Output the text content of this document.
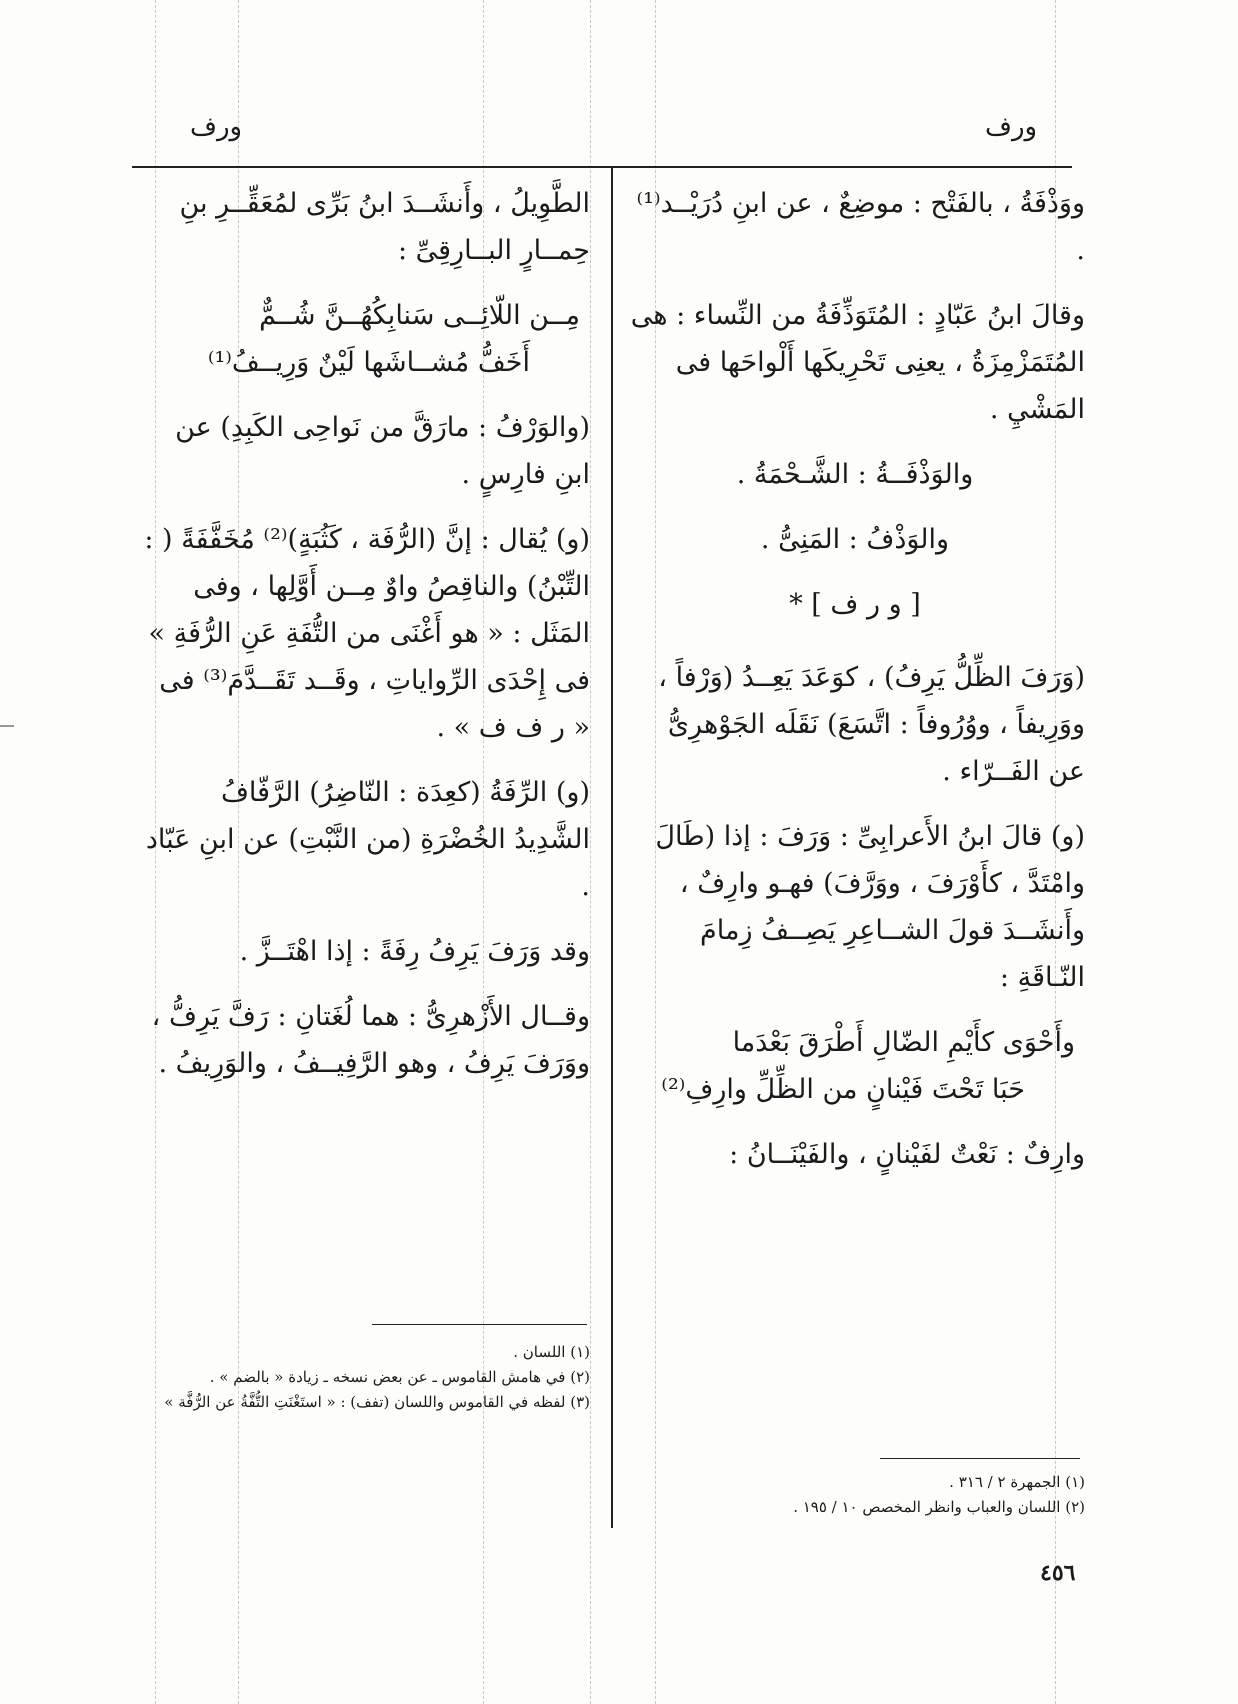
ورف
ورف

ووَذْفَةُ ، بالفَتْح : موضِعٌ ، عن ابنِ دُرَيْــد⁽¹⁾ .

وقالَ ابنُ عَبّادٍ : المُتَوَذِّفَةُ من النِّساء : هى المُتَمَزْمِزَةُ ، يعنِى تَحْرِيكَها أَلْواحَها فى المَشْيِ .

والوَذْفَــةُ : الشَّـحْمَةُ .

والوَذْفُ : المَنِىُّ .

[ و ر ف ] *

(وَرَفَ الظِّلُّ يَرِفُ) ، كوَعَدَ يَعِــدُ (وَرْفاً ، ووَرِيفاً ، ووُرُوفاً : اتَّسَعَ) نَقَلَه الجَوْهرِىُّ عن الفَــرّاء .

(و) قالَ ابنُ الأَعرابِىِّ : وَرَفَ : إذا (طَالَ وامْتَدَّ ، كأَوْرَفَ ، ووَرَّفَ) فهـو وارِفٌ ، وأَنشَــدَ قولَ الشــاعِرِ يَصِــفُ زِمامَ النّـاقَةِ :

وأَحْوَى كأَيْمِ الضّالِ أَطْرَقَ بَعْدَما
حَبَا تَحْتَ فَيْنانٍ من الظِّلِّ وارِفِ⁽²⁾

وارِفٌ : نَعْتٌ لفَيْنانٍ ، والفَيْنَــانُ :

الطَّوِيلُ ، وأَنشَــدَ ابنُ بَرِّى لمُعَقِّــرِ بنِ حِمــارٍ البــارِقِىِّ :

مِــن اللّائِــى سَنابِكُهُــنَّ شُــمٌّ
أَخَفُّ مُشــاشَها لَيْنٌ وَرِيــفُ⁽¹⁾

(والوَرْفُ : مارَقَّ من نَواحِى الكَبِدِ) عن ابنِ فارِسٍ .

(و) يُقال : إنَّ (الرُّفَة ، كَثُبَةٍ)⁽²⁾ مُخَفَّفَةً ( : التِّبْنُ) والناقِصُ واوٌ مِــن أَوَّلِها ، وفى المَثَل : « هو أَغْنَى من التُّفَةِ عَنِ الرُّفَةِ » فى إِحْدَى الرِّواياتِ ، وقَــد تَقَــدَّمَ⁽³⁾ فى « ر ف ف » .

(و) الرِّفَةُ (كعِدَة : النّاضِرُ) الرَّفّافُ الشَّدِيدُ الخُضْرَةِ (من النَّبْتِ) عن ابنِ عَبّاد .

وقد وَرَفَ يَرِفُ رِفَةً : إذا اهْتَــزَّ .

وقــال الأَزْهرِىُّ : هما لُغَتانِ : رَفَّ يَرِفُّ ، ووَرَفَ يَرِفُ ، وهو الرَّفِيــفُ ، والوَرِيفُ .

(١) اللسان .
(٢) في هامش القاموس ـ عن بعض نسخه ـ زيادة « بالضم » .
(٣) لفظه في القاموس واللسان (تفف) : « استَغْنَتِ التُّفَّةُ عن الرُّفَّة »
(١) الجمهرة ٢ / ٣١٦ .
(٢) اللسان والعباب وانظر المخصص ١٠ / ١٩٥ .
٤٥٦
